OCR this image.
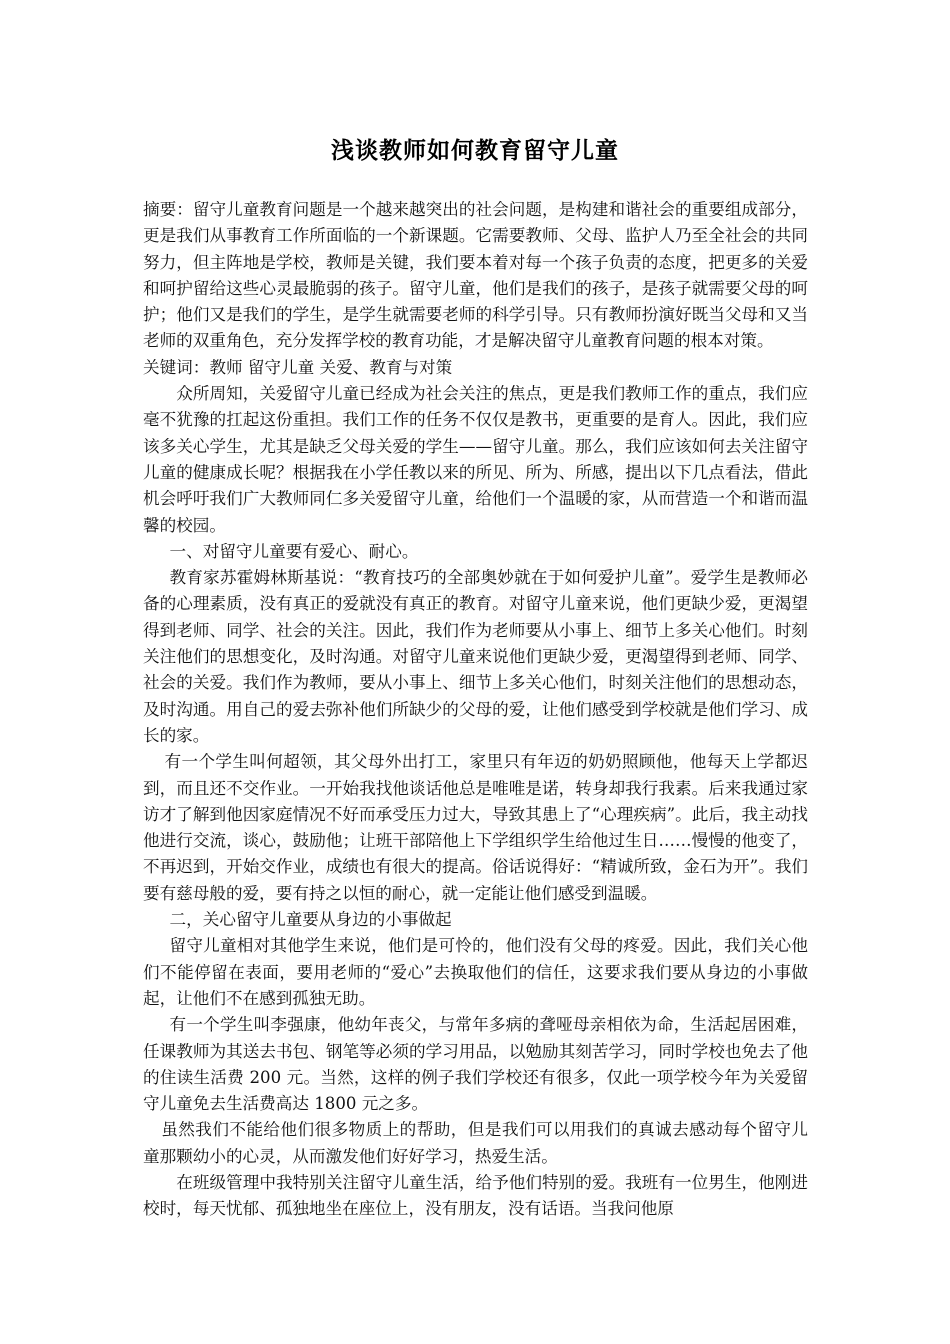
浅谈教师如何教育留守儿童

摘要：留守儿童教育问题是一个越来越突出的社会问题，是构建和谐社会的重要组成部分，更是我们从事教育工作所面临的一个新课题。它需要教师、父母、监护人乃至全社会的共同努力，但主阵地是学校，教师是关键，我们要本着对每一个孩子负责的态度，把更多的关爱和呵护留给这些心灵最脆弱的孩子。留守儿童，他们是我们的孩子，是孩子就需要父母的呵护；他们又是我们的学生，是学生就需要老师的科学引导。只有教师扮演好既当父母和又当老师的双重角色，充分发挥学校的教育功能，才是解决留守儿童教育问题的根本对策。

关键词：教师 留守儿童 关爱、教育与对策

众所周知，关爱留守儿童已经成为社会关注的焦点，更是我们教师工作的重点，我们应毫不犹豫的扛起这份重担。我们工作的任务不仅仅是教书，更重要的是育人。因此，我们应该多关心学生，尤其是缺乏父母关爱的学生——留守儿童。那么，我们应该如何去关注留守儿童的健康成长呢？根据我在小学任教以来的所见、所为、所感，提出以下几点看法，借此机会呼吁我们广大教师同仁多关爱留守儿童，给他们一个温暖的家，从而营造一个和谐而温馨的校园。

一、对留守儿童要有爱心、耐心。

教育家苏霍姆林斯基说：“教育技巧的全部奥妙就在于如何爱护儿童”。爱学生是教师必备的心理素质，没有真正的爱就没有真正的教育。对留守儿童来说，他们更缺少爱，更渴望得到老师、同学、社会的关注。因此，我们作为老师要从小事上、细节上多关心他们。时刻关注他们的思想变化，及时沟通。对留守儿童来说他们更缺少爱，更渴望得到老师、同学、社会的关爱。我们作为教师，要从小事上、细节上多关心他们，时刻关注他们的思想动态，及时沟通。用自己的爱去弥补他们所缺少的父母的爱，让他们感受到学校就是他们学习、成长的家。

有一个学生叫何超领，其父母外出打工，家里只有年迈的奶奶照顾他，他每天上学都迟到，而且还不交作业。一开始我找他谈话他总是唯唯是诺，转身却我行我素。后来我通过家访才了解到他因家庭情况不好而承受压力过大，导致其患上了“心理疾病”。此后，我主动找他进行交流，谈心，鼓励他；让班干部陪他上下学组织学生给他过生日……慢慢的他变了，不再迟到，开始交作业，成绩也有很大的提高。俗话说得好：“精诚所致，金石为开”。我们要有慈母般的爱，要有持之以恒的耐心，就一定能让他们感受到温暖。

二，关心留守儿童要从身边的小事做起

留守儿童相对其他学生来说，他们是可怜的，他们没有父母的疼爱。因此，我们关心他们不能停留在表面，要用老师的“爱心”去换取他们的信任，这要求我们要从身边的小事做起，让他们不在感到孤独无助。

有一个学生叫李强康，他幼年丧父，与常年多病的聋哑母亲相依为命，生活起居困难，任课教师为其送去书包、钢笔等必须的学习用品，以勉励其刻苦学习，同时学校也免去了他的住读生活费 200 元。当然，这样的例子我们学校还有很多，仅此一项学校今年为关爱留守儿童免去生活费高达 1800 元之多。

虽然我们不能给他们很多物质上的帮助，但是我们可以用我们的真诚去感动每个留守儿童那颗幼小的心灵，从而激发他们好好学习，热爱生活。

在班级管理中我特别关注留守儿童生活，给予他们特别的爱。我班有一位男生，他刚进校时，每天忧郁、孤独地坐在座位上，没有朋友，没有话语。当我问他原
